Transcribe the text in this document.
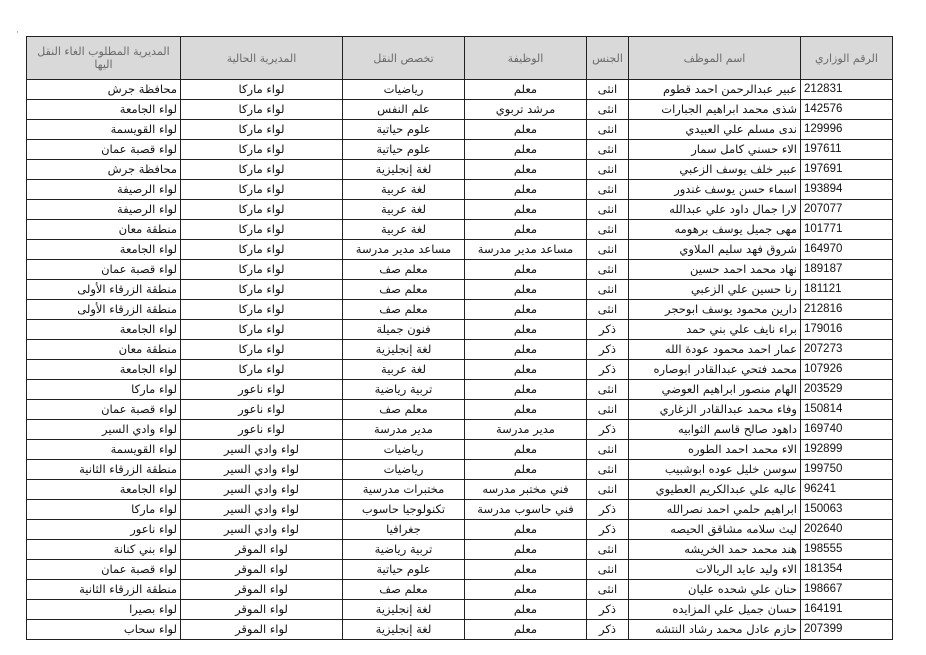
·
الرقم الوزاري	اسم الموظف	الجنس	الوظيفة	تخصص النقل	المديرية الحالية	المديرية المطلوب الغاء النقل اليها
212831	عبير عبدالرحمن احمد قطوم	انثى	معلم	رياضيات	لواء ماركا	محافظة جرش
142576	شذى محمد ابراهيم الجبارات	انثى	مرشد تربوي	علم النفس	لواء ماركا	لواء الجامعة
129996	ندى مسلم علي العبيدي	انثى	معلم	علوم حياتية	لواء ماركا	لواء القويسمة
197611	الاء حسني كامل سمار	انثى	معلم	علوم حياتية	لواء ماركا	لواء قصبة عمان
197691	عبير خلف يوسف الزعبي	انثى	معلم	لغة إنجليزية	لواء ماركا	محافظة جرش
193894	اسماء حسن يوسف غندور	انثى	معلم	لغة عربية	لواء ماركا	لواء الرصيفة
207077	لارا جمال داود علي عبدالله	انثى	معلم	لغة عربية	لواء ماركا	لواء الرصيفة
101771	مهى جميل يوسف برهومه	انثى	معلم	لغة عربية	لواء ماركا	منطقة معان
164970	شروق فهد سليم الملاوي	انثى	مساعد مدير مدرسة	مساعد مدير مدرسة	لواء ماركا	لواء الجامعة
189187	نهاد محمد احمد حسين	انثى	معلم	معلم صف	لواء ماركا	لواء قصبة عمان
181121	رنا حسين علي الزعبي	انثى	معلم	معلم صف	لواء ماركا	منطقة الزرقاء الأولى
212816	دارين محمود يوسف ابوحجر	انثى	معلم	معلم صف	لواء ماركا	منطقة الزرقاء الأولى
179016	براء نايف علي بني حمد	ذكر	معلم	فنون جميلة	لواء ماركا	لواء الجامعة
207273	عمار احمد محمود عودة الله	ذكر	معلم	لغة إنجليزية	لواء ماركا	منطقة معان
107926	محمد فتحي عبدالقادر ابوصاره	ذكر	معلم	لغة عربية	لواء ماركا	لواء الجامعة
203529	الهام منصور ابراهيم العوضي	انثى	معلم	تربية رياضية	لواء ناعور	لواء ماركا
150814	وفاء محمد عبدالقادر الزغاري	انثى	معلم	معلم صف	لواء ناعور	لواء قصبة عمان
169740	داهود صالح قاسم الثوابيه	ذكر	مدير مدرسة	مدير مدرسة	لواء ناعور	لواء وادي السير
192899	الاء محمد احمد الطوره	انثى	معلم	رياضيات	لواء وادي السير	لواء القويسمة
199750	سوسن خليل عوده ابوشبيب	انثى	معلم	رياضيات	لواء وادي السير	منطقة الزرقاء الثانية
96241	عاليه علي عبدالكريم العطيوي	انثى	فني مختبر مدرسه	مختبرات مدرسية	لواء وادي السير	لواء الجامعة
150063	ابراهيم حلمي احمد نصرالله	ذكر	فني حاسوب مدرسة	تكنولوجيا حاسوب	لواء وادي السير	لواء ماركا
202640	ليث سلامه مشاقق الحيصه	ذكر	معلم	جغرافيا	لواء وادي السير	لواء ناعور
198555	هند محمد حمد الخريشه	انثى	معلم	تربية رياضية	لواء الموقر	لواء بني كنانة
181354	الاء وليد عايد الريالات	انثى	معلم	علوم حياتية	لواء الموقر	لواء قصبة عمان
198667	حنان علي شحده عليان	انثى	معلم	معلم صف	لواء الموقر	منطقة الزرقاء الثانية
164191	حسان جميل علي المزايده	ذكر	معلم	لغة إنجليزية	لواء الموقر	لواء بصيرا
207399	حازم عادل محمد رشاد النتشه	ذكر	معلم	لغة إنجليزية	لواء الموقر	لواء سحاب
